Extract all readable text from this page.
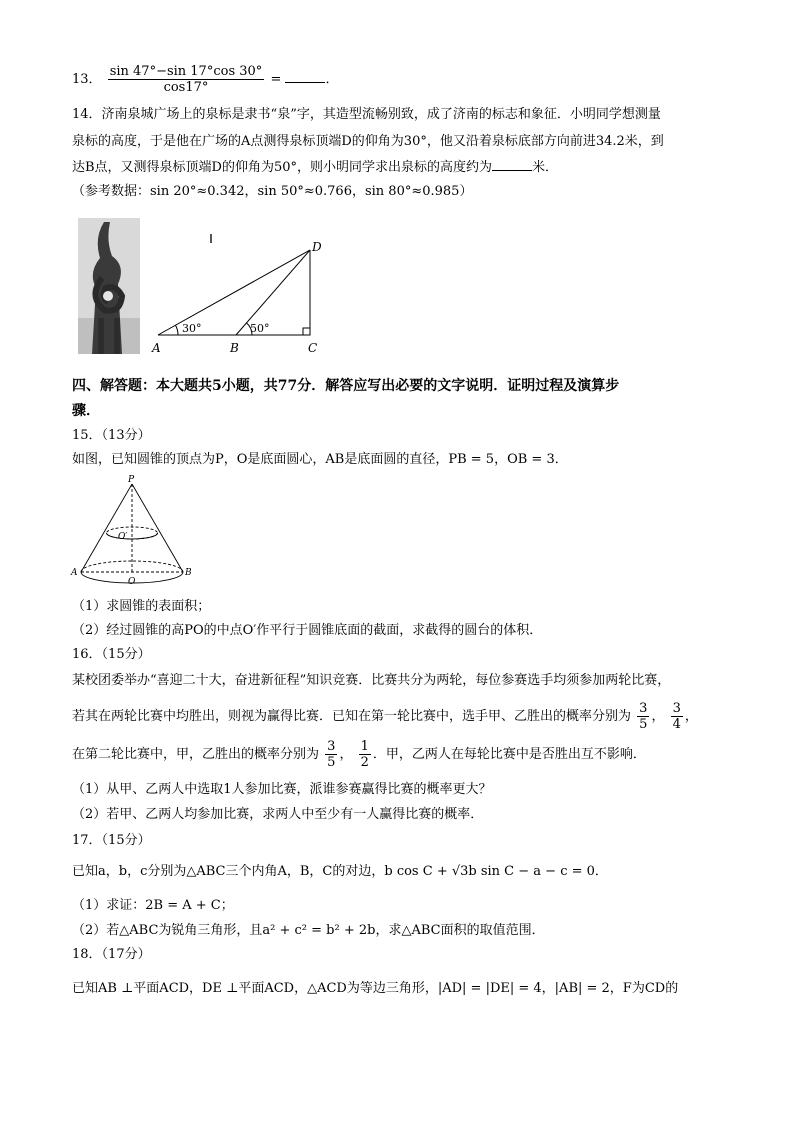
13． $\frac{\sin 47^\circ-\sin 17^\circ\cos 30^\circ}{\cos 17^\circ}$ =	．
14．济南泉城广场上的泉标是隶书“泉”字，其造型流畅别致，成了济南的标志和象征．小明同学想测量
泉标的高度，于是他在广场的A点测得泉标顶端D的仰角为30°，他又沿着泉标底部方向前进34.2米，到
达B点，又测得泉标顶端D的仰角为50°，则小明同学求出泉标的高度约为	米．
（参考数据：sin 20°≈0.342，sin 50°≈0.766，sin 80°≈0.985）
D
A	B	C
30°	50°
四、解答题：本大题共5小题，共77分．解答应写出必要的文字说明．证明过程及演算步
骤．
15．（13分）
如图，已知圆锥的顶点为P，O是底面圆心，AB是底面圆的直径，PB = 5，OB = 3．
P
O′
A
O
B
（1）求圆锥的表面积；
（2）经过圆锥的高PO的中点O′作平行于圆锥底面的截面，求截得的圆台的体积．
16．（15分）
某校团委举办“喜迎二十大，奋进新征程”知识竞赛．比赛共分为两轮，每位参赛选手均须参加两轮比赛，
若其在两轮比赛中均胜出，则视为赢得比赛．已知在第一轮比赛中，选手甲、乙胜出的概率分别为 $\frac{3}{5}$ ， $\frac{3}{4}$ ，
在第二轮比赛中，甲，乙胜出的概率分别为 $\frac{3}{5}$ ， $\frac{1}{2}$ ．甲，乙两人在每轮比赛中是否胜出互不影响．
（1）从甲、乙两人中选取1人参加比赛，派谁参赛赢得比赛的概率更大？
（2）若甲、乙两人均参加比赛，求两人中至少有一人赢得比赛的概率．
17．（15分）
已知a，b，c分别为△ABC三个内角A，B，C的对边，b cos C + √3b sin C − a − c = 0．
（1）求证：2B = A + C；
（2）若△ABC为锐角三角形，且a² + c² = b² + 2b，求△ABC面积的取值范围．
18．（17分）
已知AB ⊥平面ACD，DE ⊥平面ACD，△ACD为等边三角形，|AD| = |DE| = 4，|AB| = 2，F为CD的
